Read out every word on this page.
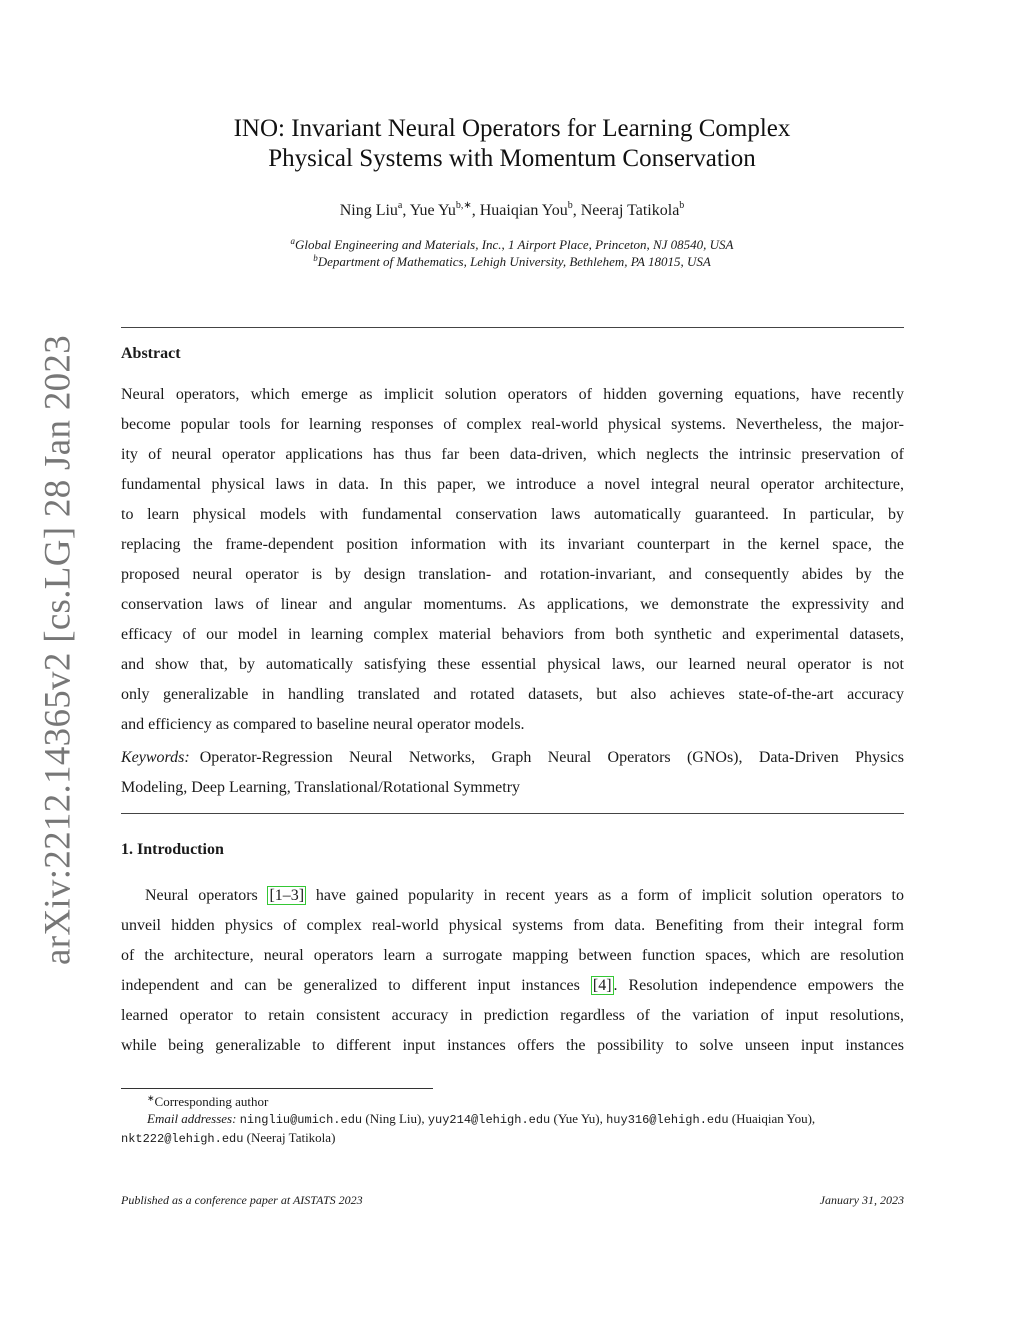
arXiv:2212.14365v2 [cs.LG] 28 Jan 2023
INO: Invariant Neural Operators for Learning Complex
Physical Systems with Momentum Conservation
Ning Liu$^a$, Yue $Yu^{b,∗}$, Huaiqian You$^b$, Neeraj Tatikola$^b$
$^a$Global Engineering and Materials, Inc., 1 Airport Place, Princeton, NJ 08540, USA
$^b$Department of Mathematics, Lehigh University, Bethlehem, PA 18015, USA
Abstract
Neural operators, which emerge as implicit solution operators of hidden governing equations, have recently
become popular tools for learning responses of complex real-world physical systems. Nevertheless, the major-
ity of neural operator applications has thus far been data-driven, which neglects the intrinsic preservation of
fundamental physical laws in data. In this paper, we introduce a novel integral neural operator architecture,
to learn physical models with fundamental conservation laws automatically guaranteed. In particular, by
replacing the frame-dependent position information with its invariant counterpart in the kernel space, the
proposed neural operator is by design translation- and rotation-invariant, and consequently abides by the
conservation laws of linear and angular momentums. As applications, we demonstrate the expressivity and
efficacy of our model in learning complex material behaviors from both synthetic and experimental datasets,
and show that, by automatically satisfying these essential physical laws, our learned neural operator is not
only generalizable in handling translated and rotated datasets, but also achieves state-of-the-art accuracy
and efficiency as compared to baseline neural operator models.
Keywords: Operator-Regression Neural Networks, Graph Neural Operators (GNOs), Data-Driven Physics
Modeling, Deep Learning, Translational/Rotational Symmetry
1. Introduction
Neural operators [1–3] have gained popularity in recent years as a form of implicit solution operators to
unveil hidden physics of complex real-world physical systems from data. Benefiting from their integral form
of the architecture, neural operators learn a surrogate mapping between function spaces, which are resolution
independent and can be generalized to different input instances [4] . Resolution independence empowers the
learned operator to retain consistent accuracy in prediction regardless of the variation of input resolutions,
while being generalizable to different input instances offers the possibility to solve unseen input instances
∗Corresponding author
Email addresses: ningliu@umich.edu (Ning Liu), yuy214@lehigh.edu (Yue Yu), huy316@lehigh.edu (Huaiqian You),
nkt222@lehigh.edu (Neeraj Tatikola)
Published as a conference paper at AISTATS 2023	January 31, 2023
